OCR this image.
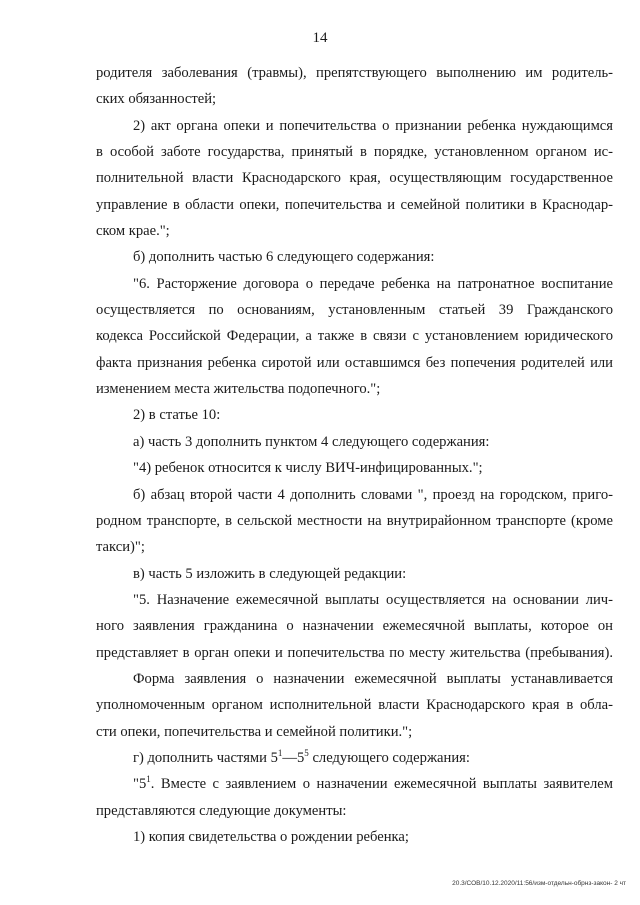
14
родителя заболевания (травмы), препятствующего выполнению им родитель-
ских обязанностей;
2) акт органа опеки и попечительства о признании ребенка нуждающимся
в особой заботе государства, принятый в порядке, установленном органом ис-
полнительной власти Краснодарского края, осуществляющим государственное
управление в области опеки, попечительства и семейной политики в Краснодар-
ском крае.";
б) дополнить частью 6 следующего содержания:
"6. Расторжение договора о передаче ребенка на патронатное воспитание
осуществляется по основаниям, установленным статьей 39 Гражданского
кодекса Российской Федерации, а также в связи с установлением юридического
факта признания ребенка сиротой или оставшимся без попечения родителей или
изменением места жительства подопечного.";
2) в статье 10:
а) часть 3 дополнить пунктом 4 следующего содержания:
"4) ребенок относится к числу ВИЧ-инфицированных.";
б) абзац второй части 4 дополнить словами ", проезд на городском, приго-
родном транспорте, в сельской местности на внутрирайонном транспорте (кроме
такси)";
в) часть 5 изложить в следующей редакции:
"5. Назначение ежемесячной выплаты осуществляется на основании лич-
ного заявления гражданина о назначении ежемесячной выплаты, которое он
представляет в орган опеки и попечительства по месту жительства (пребывания).
Форма заявления о назначении ежемесячной выплаты устанавливается
уполномоченным органом исполнительной власти Краснодарского края в обла-
сти опеки, попечительства и семейной политики.";
г) дополнить частями $5^1—5^5$ следующего содержания:
"$5^1$. Вместе с заявлением о назначении ежемесячной выплаты заявителем
представляются следующие документы:
1) копия свидетельства о рождении ребенка;
20.3/СОВ/10.12.2020/11:56/изм-отдельн-обрнз-закон- 2 чт
